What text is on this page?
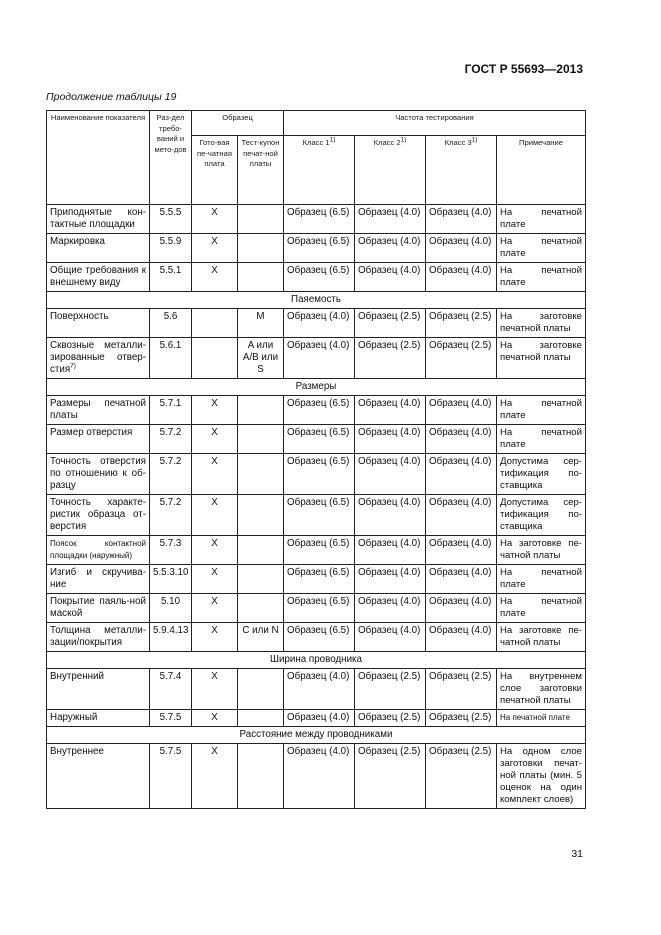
ГОСТ Р 55693—2013
Продолжение таблицы 19
Наименование показателя	Раз-дел требо-ваний и мето-дов	Образец		Частота тестирования			
		Гото-вая пе-чатная плата	Тест-купон печат-ной платы	Класс 11)	Класс 21)	Класс 31)	Примечание
Приподнятые кон-тактные площадки	5.5.5	X		Образец (6.5)	Образец (4.0)	Образец (4.0)	На печатной плате
Маркировка	5.5.9	X		Образец (6.5)	Образец (4.0)	Образец (4.0)	На печатной плате
Общие требования к внешнему виду	5.5.1	X		Образец (6.5)	Образец (4.0)	Образец (4.0)	На печатной плате
Паяемость							
Поверхность	5.6		M	Образец (4.0)	Образец (2.5)	Образец (2.5)	На заготовке печатной платы
Сквозные металли-зированные отвер-стия$^{7)}$	5.6.1		A или A/B или S	Образец (4.0)	Образец (2.5)	Образец (2.5)	На заготовке печатной платы
Размеры							
Размеры печатной платы	5.7.1	X		Образец (6.5)	Образец (4.0)	Образец (4.0)	На печатной плате
Размер отверстия	5.7.2	X		Образец (6.5)	Образец (4.0)	Образец (4.0)	На печатной плате
Точность отверстия по отношению к об-разцу	5.7.2	X		Образец (6.5)	Образец (4.0)	Образец (4.0)	Допустима сер-тификация по-ставщика
Точность характе-ристик образца от-верстия	5.7.2	X		Образец (6.5)	Образец (4.0)	Образец (4.0)	Допустима сер-тификация по-ставщика
Поясок контактной площадки (наружный)	5.7.3	X		Образец (6.5)	Образец (4.0)	Образец (4.0)	На заготовке пе-чатной платы
Изгиб и скручива-ние	5.5.3.10	X		Образец (6.5)	Образец (4.0)	Образец (4.0)	На печатной плате
Покрытие паяль-ной маской	5.10	X		Образец (6.5)	Образец (4.0)	Образец (4.0)	На печатной плате
Толщина металли-зации/покрытия	5.9.4.13	X	C или N	Образец (6.5)	Образец (4.0)	Образец (4.0)	На заготовке пе-чатной платы
Ширина проводника							
Внутренний	5.7.4	X		Образец (4.0)	Образец (2.5)	Образец (2.5)	На внутреннем слое заготовки печатной платы
Наружный	5.7.5	X		Образец (4.0)	Образец (2.5)	Образец (2.5)	На печатной плате
Расстояние между проводниками							
Внутреннее	5.7.5	X		Образец (4.0)	Образец (2.5)	Образец (2.5)	На одном слое заготовки печат-ной платы (мин. 5 оценок на один комплект слоев)
31
